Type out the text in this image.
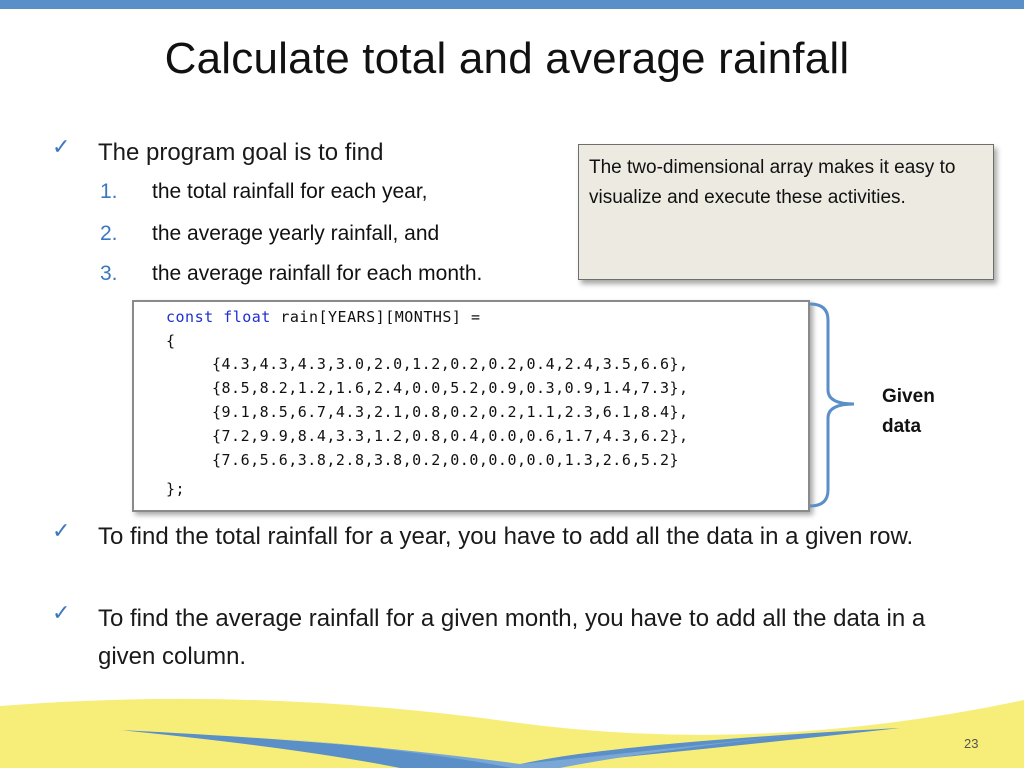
Calculate total and average rainfall
✓	The program goal is to find
1.	the total rainfall for each year,
2.	the average yearly rainfall, and
3.	the average rainfall for each month.
The two-dimensional array makes it easy to visualize and execute these activities.
const float rain[YEARS][MONTHS] =
{
{4.3,4.3,4.3,3.0,2.0,1.2,0.2,0.2,0.4,2.4,3.5,6.6},
{8.5,8.2,1.2,1.6,2.4,0.0,5.2,0.9,0.3,0.9,1.4,7.3},
{9.1,8.5,6.7,4.3,2.1,0.8,0.2,0.2,1.1,2.3,6.1,8.4},
{7.2,9.9,8.4,3.3,1.2,0.8,0.4,0.0,0.6,1.7,4.3,6.2},
{7.6,5.6,3.8,2.8,3.8,0.2,0.0,0.0,0.0,1.3,2.6,5.2}
};
Given
data
✓	To find the total rainfall for a year, you have to add all the data in a given row.
✓	To find the average rainfall for a given month, you have to add all the data in a given column.
23
